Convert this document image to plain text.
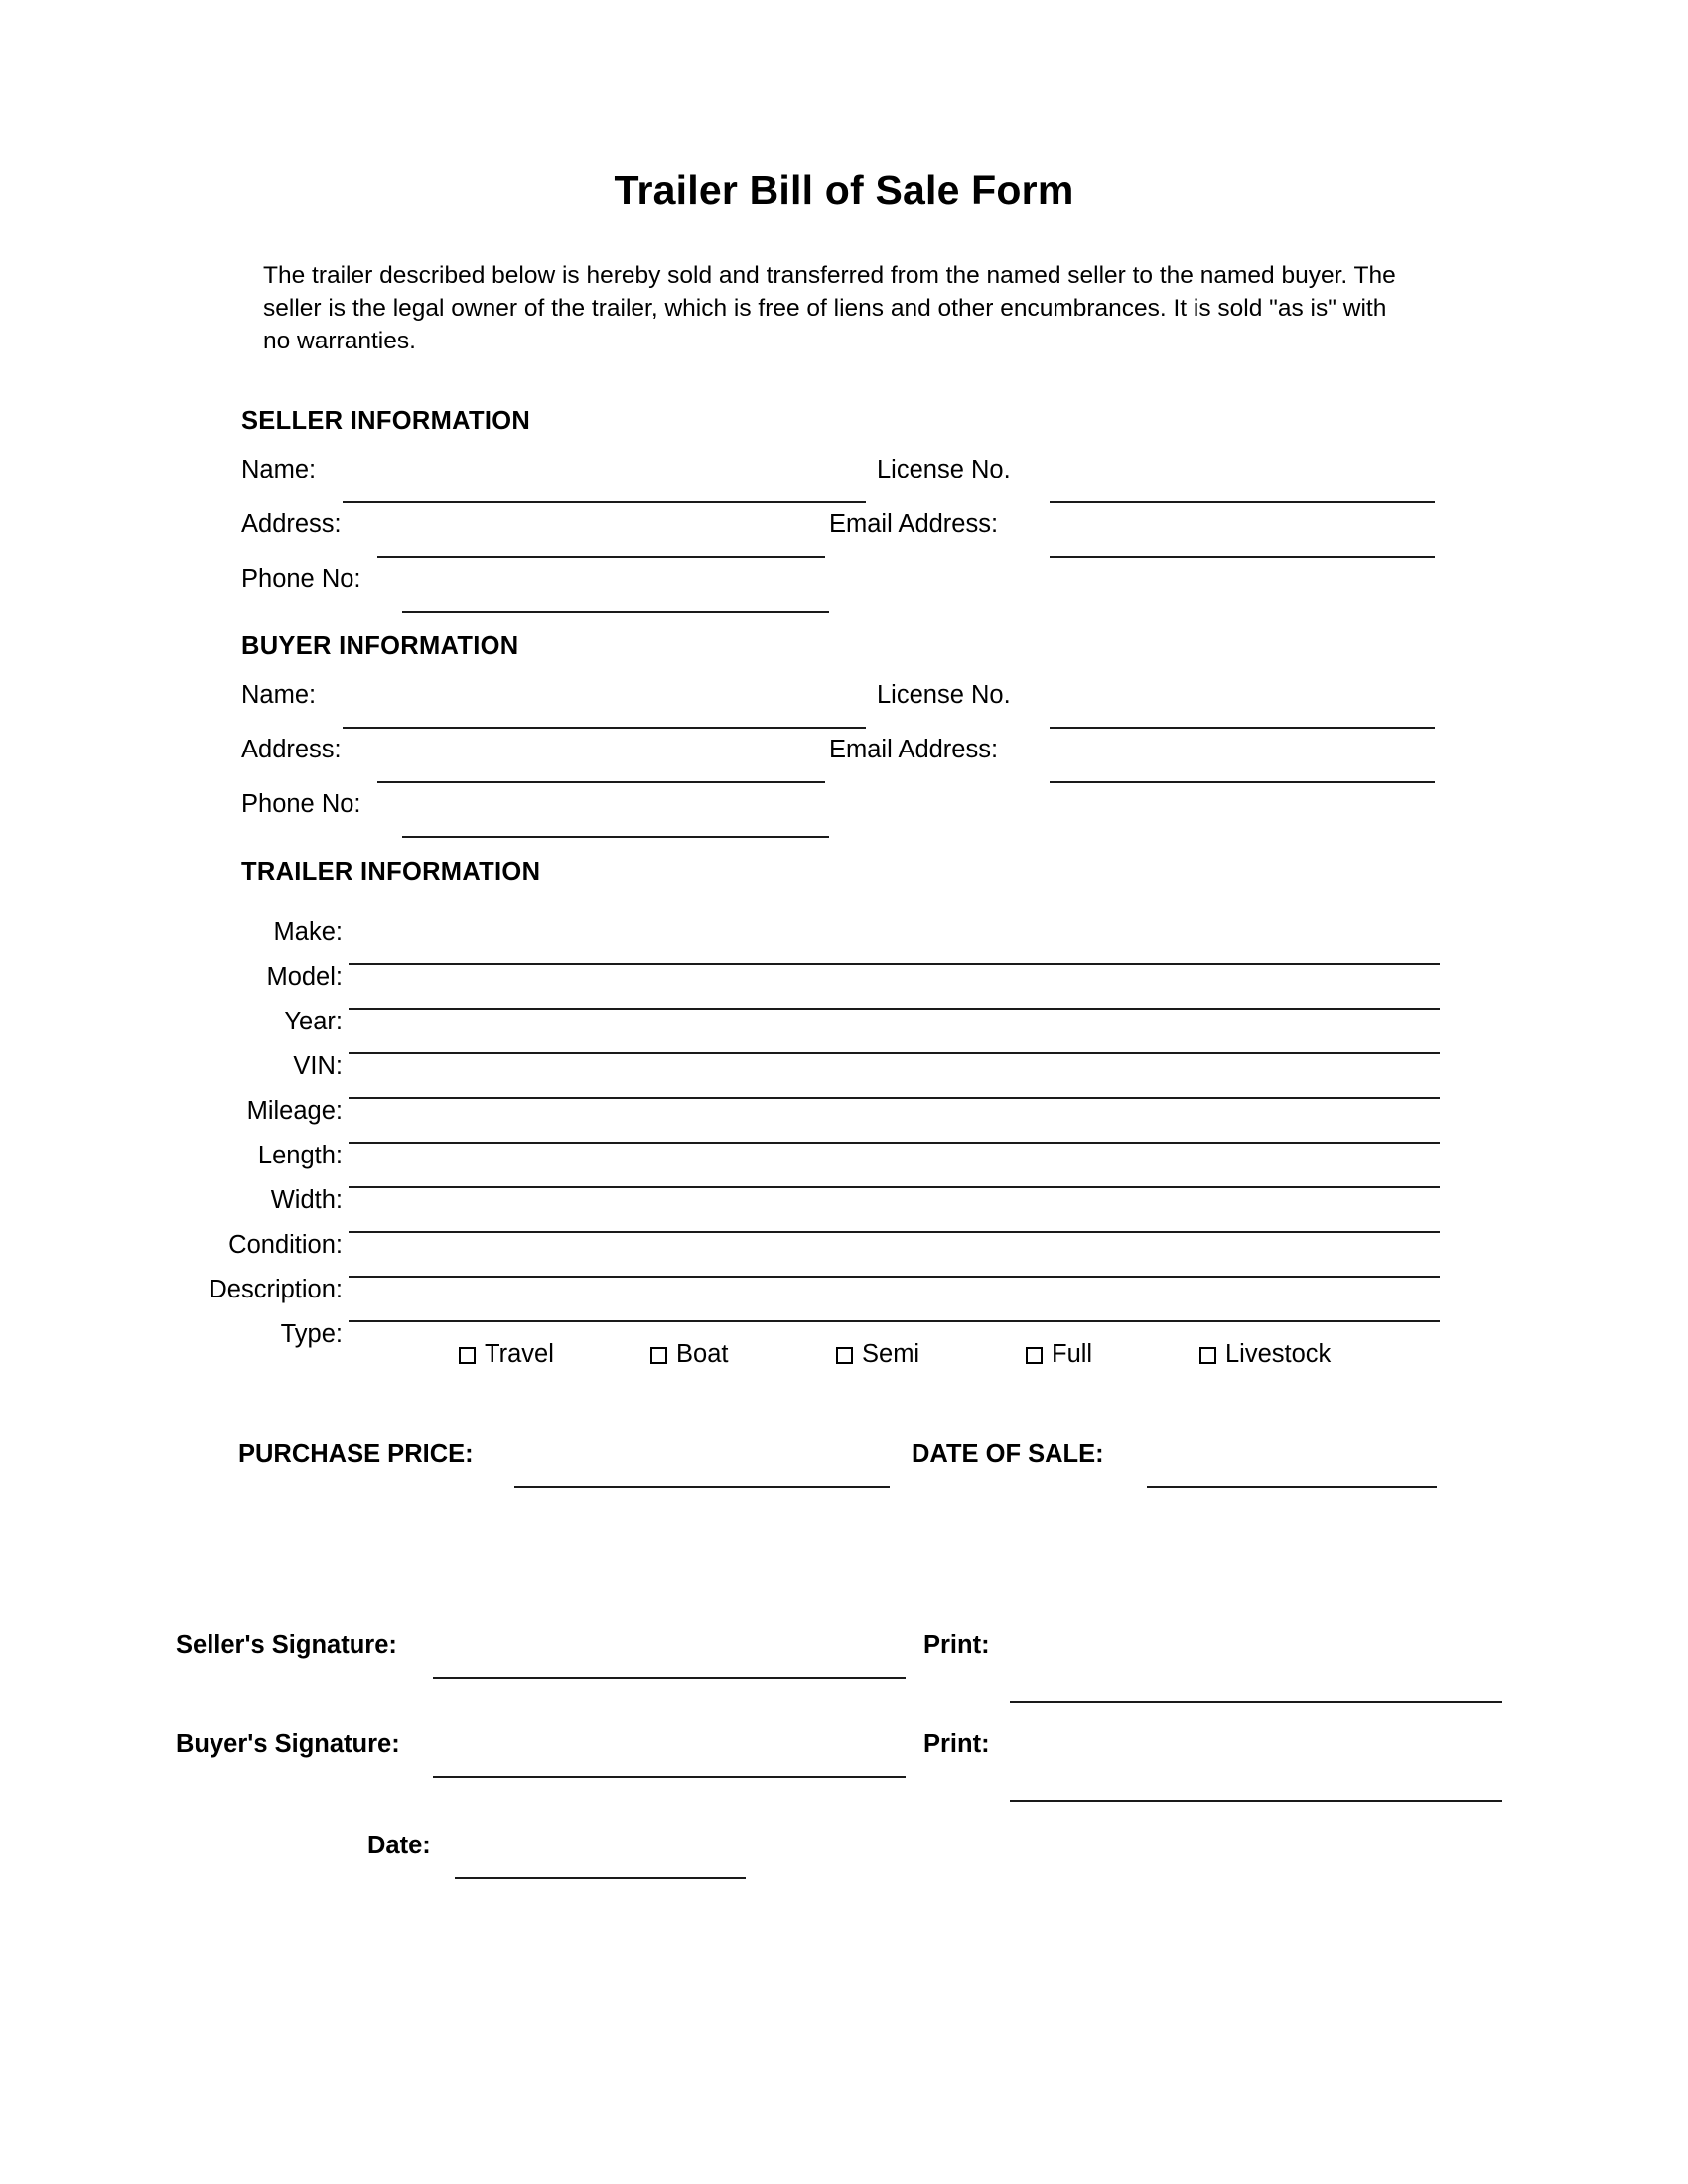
Trailer Bill of Sale Form
The trailer described below is hereby sold and transferred from the named seller to the named buyer. The seller is the legal owner of the trailer, which is free of liens and other encumbrances. It is sold "as is" with no warranties.
SELLER INFORMATION
Name:	License No.
Address:	Email Address:
Phone No:
BUYER INFORMATION
Name:	License No.
Address:	Email Address:
Phone No:
TRAILER INFORMATION
Make:
Model:
Year:
VIN:
Mileage:
Length:
Width:
Condition:
Description:
Type:
Travel	Boat	Semi	Full	Livestock
PURCHASE PRICE:	DATE OF SALE:
Seller's Signature:	Print:
Buyer's Signature:	Print:
Date:
